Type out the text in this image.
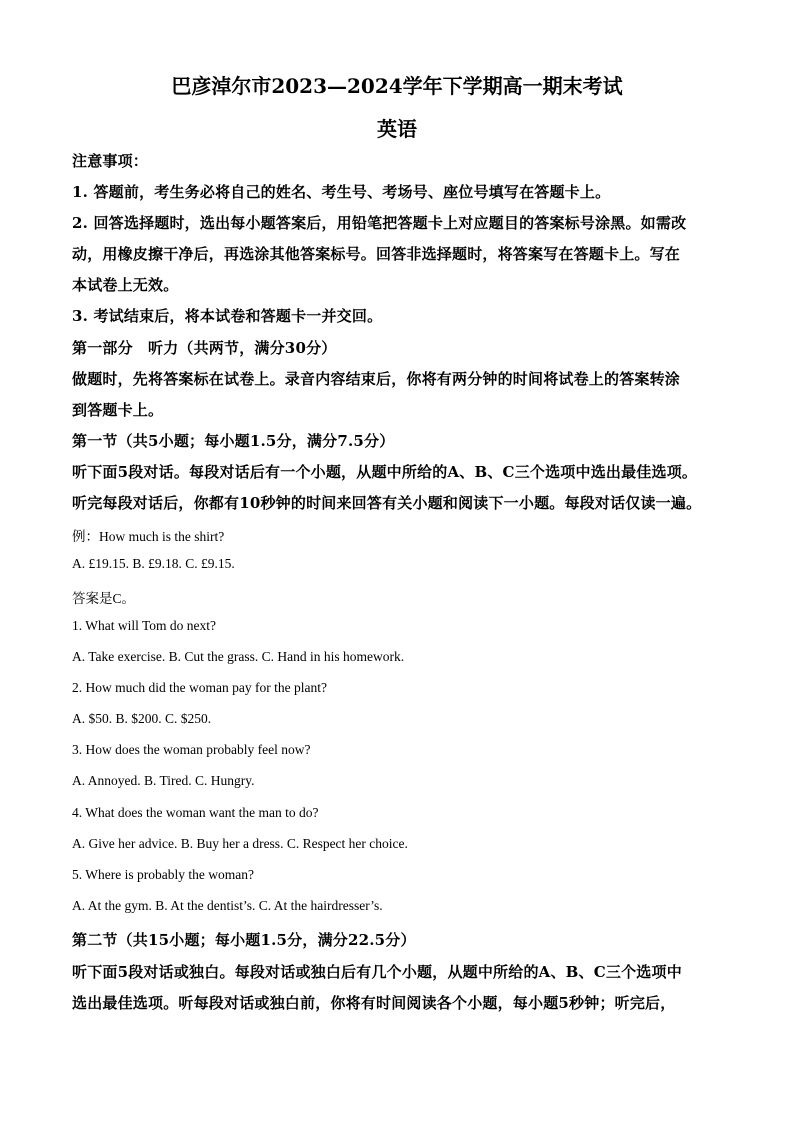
巴彦淖尔市2023—2024学年下学期高一期末考试
英语
注意事项：
1. 答题前，考生务必将自己的姓名、考生号、考场号、座位号填写在答题卡上。
2. 回答选择题时，选出每小题答案后，用铅笔把答题卡上对应题目的答案标号涂黑。如需改
动，用橡皮擦干净后，再选涂其他答案标号。回答非选择题时，将答案写在答题卡上。写在
本试卷上无效。
3. 考试结束后，将本试卷和答题卡一并交回。
第一部分　听力（共两节，满分30分）
做题时，先将答案标在试卷上。录音内容结束后，你将有两分钟的时间将试卷上的答案转涂
到答题卡上。
第一节（共5小题；每小题1.5分，满分7.5分）
听下面5段对话。每段对话后有一个小题，从题中所给的A、B、C三个选项中选出最佳选项。
听完每段对话后，你都有10秒钟的时间来回答有关小题和阅读下一小题。每段对话仅读一遍。
例：How much is the shirt?
A. £19.15. B. £9.18. C. £9.15.
答案是C。
1. What will Tom do next?
A. Take exercise. B. Cut the grass. C. Hand in his homework.
2. How much did the woman pay for the plant?
A. $50. B. $200. C. $250.
3. How does the woman probably feel now?
A. Annoyed. B. Tired. C. Hungry.
4. What does the woman want the man to do?
A. Give her advice. B. Buy her a dress. C. Respect her choice.
5. Where is probably the woman?
A. At the gym. B. At the dentist’s. C. At the hairdresser’s.
第二节（共15小题；每小题1.5分，满分22.5分）
听下面5段对话或独白。每段对话或独白后有几个小题，从题中所给的A、B、C三个选项中
选出最佳选项。听每段对话或独白前，你将有时间阅读各个小题，每小题5秒钟；听完后，
